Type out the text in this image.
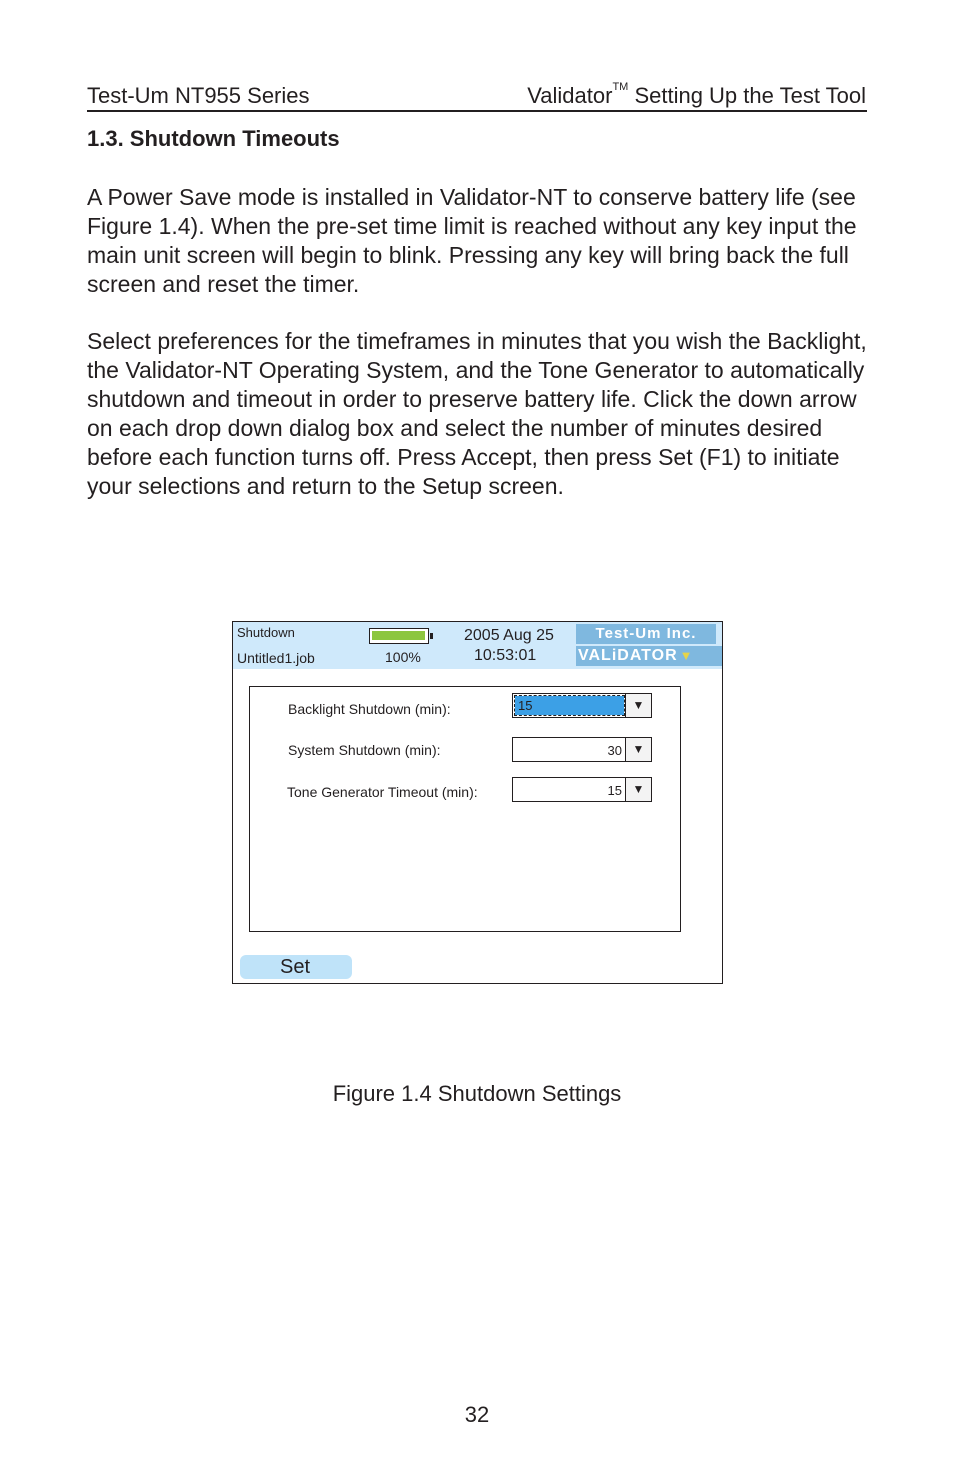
Test-Um NT955 Series	Validator™ Setting Up the Test Tool
1.3. Shutdown Timeouts

A Power Save mode is installed in Validator-NT to conserve battery life (see Figure 1.4). When the pre-set time limit is reached without any key input the main unit screen will begin to blink. Pressing any key will bring back the full screen and reset the timer.

Select preferences for the timeframes in minutes that you wish the Backlight, the Validator-NT Operating System, and the Tone Generator to automatically shutdown and timeout in order to preserve battery life. Click the down arrow on each drop down dialog box and select the number of minutes desired before each function turns off. Press Accept, then press Set (F1) to initiate your selections and return to the Setup screen.

Shutdown
Untitled1.job	100%
2005 Aug 25
10:53:01
Test-Um Inc.
VALiDATOR ▼
Backlight Shutdown (min):	15	▼
System Shutdown (min):	30 ▼
Tone Generator Timeout (min):	15 ▼
Set
Figure 1.4 Shutdown Settings
32
